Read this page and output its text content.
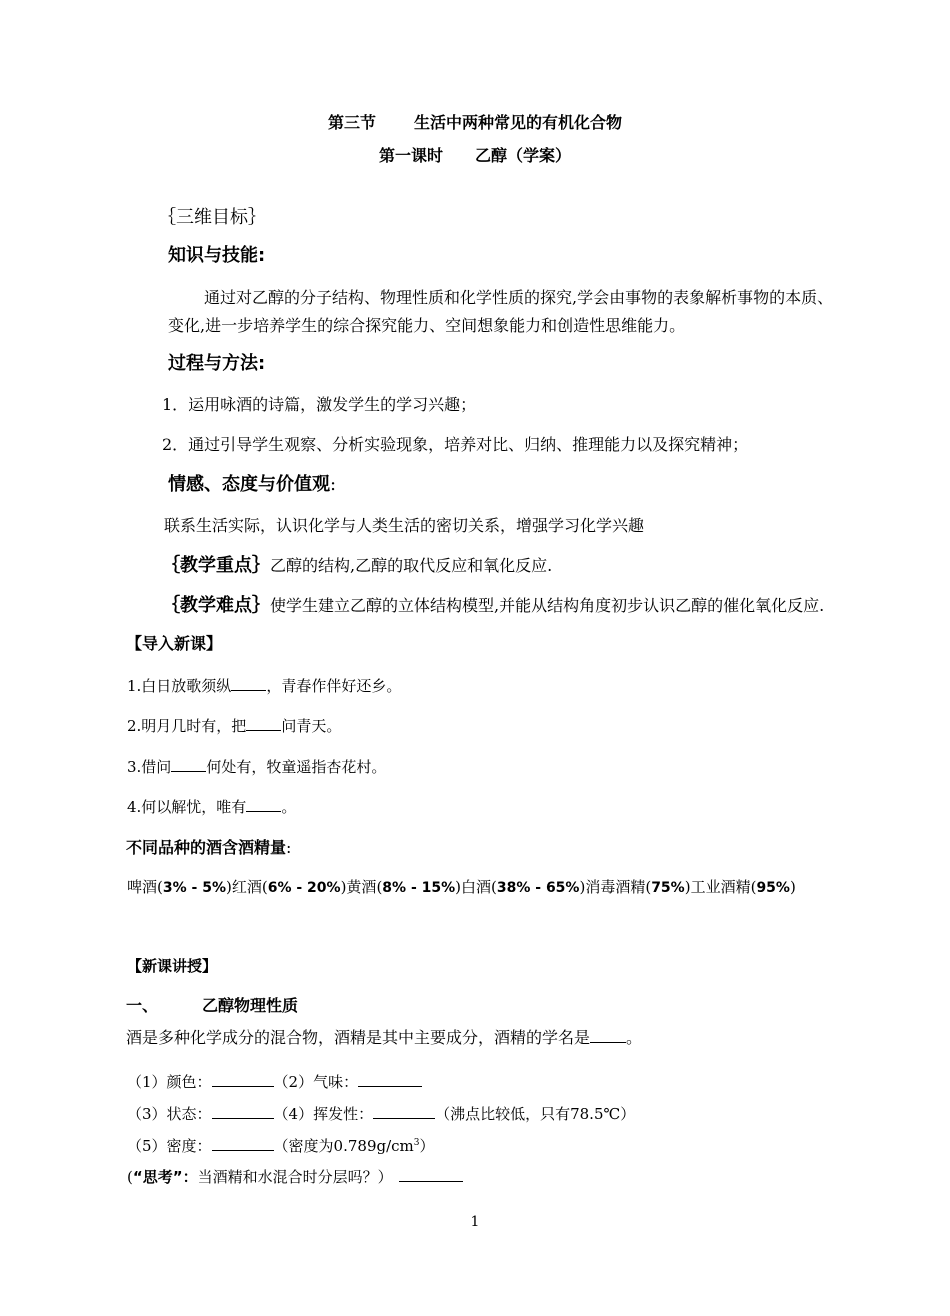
第三节 生活中两种常见的有机化合物
第一课时 乙醇（学案）
｛三维目标｝
知识与技能:
通过对乙醇的分子结构、物理性质和化学性质的探究,学会由事物的表象解析事物的本质、
变化,进一步培养学生的综合探究能力、空间想象能力和创造性思维能力。
过程与方法:
1．运用咏酒的诗篇，激发学生的学习兴趣；
2．通过引导学生观察、分析实验现象，培养对比、归纳、推理能力以及探究精神；
情感、态度与价值观:
联系生活实际，认识化学与人类生活的密切关系，增强学习化学兴趣
｛教学重点｝乙醇的结构,乙醇的取代反应和氧化反应.
｛教学难点｝使学生建立乙醇的立体结构模型,并能从结构角度初步认识乙醇的催化氧化反应.
【导入新课】
1.白日放歌须纵 ，青春作伴好还乡。
2.明月几时有，把 问青天。
3.借问 何处有，牧童遥指杏花村。
4.何以解忧，唯有 。
不同品种的酒含酒精量:
啤酒(3% - 5%)红酒(6% - 20%)黄酒(8% - 15%)白酒(38% - 65%)消毒酒精(75%)工业酒精(95%)
【新课讲授】
一、	乙醇物理性质
酒是多种化学成分的混合物，酒精是其中主要成分，酒精的学名是 。
（1）颜色：	（2）气味：
（3）状态：	（4）挥发性：	（沸点比较低，只有78.5℃）
（5）密度：	（密度为$0.789g/cm^3$）
(“思考”：当酒精和水混合时分层吗？）
1
